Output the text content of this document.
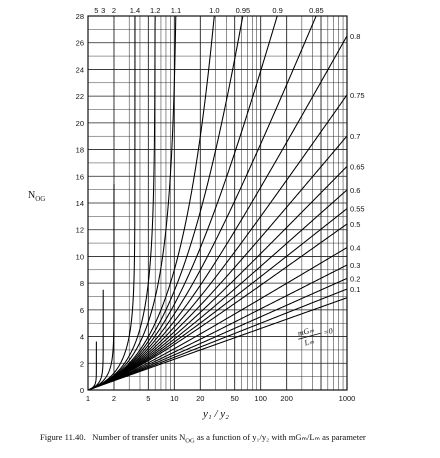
5 3 2 1.4 1.2 1.1	1.0 0.95	0.9	0.85
0.8
0.75
0.7
0.65
0.6
0.55
0.5
0.4
0.3
0.2
0.1
0
2
4
6
8
10
12
14
16
18
20
22
24
26
28
1	2	5	10 20	50 100 200	1000
$N_{OG}$
y₁ / y₂
mGₘ
Lₘ
=0
Figure 11.40. Number of transfer units $N_{OG}$ as a function of y₁/y₂ with mGₘ/Lₘ as parameter
